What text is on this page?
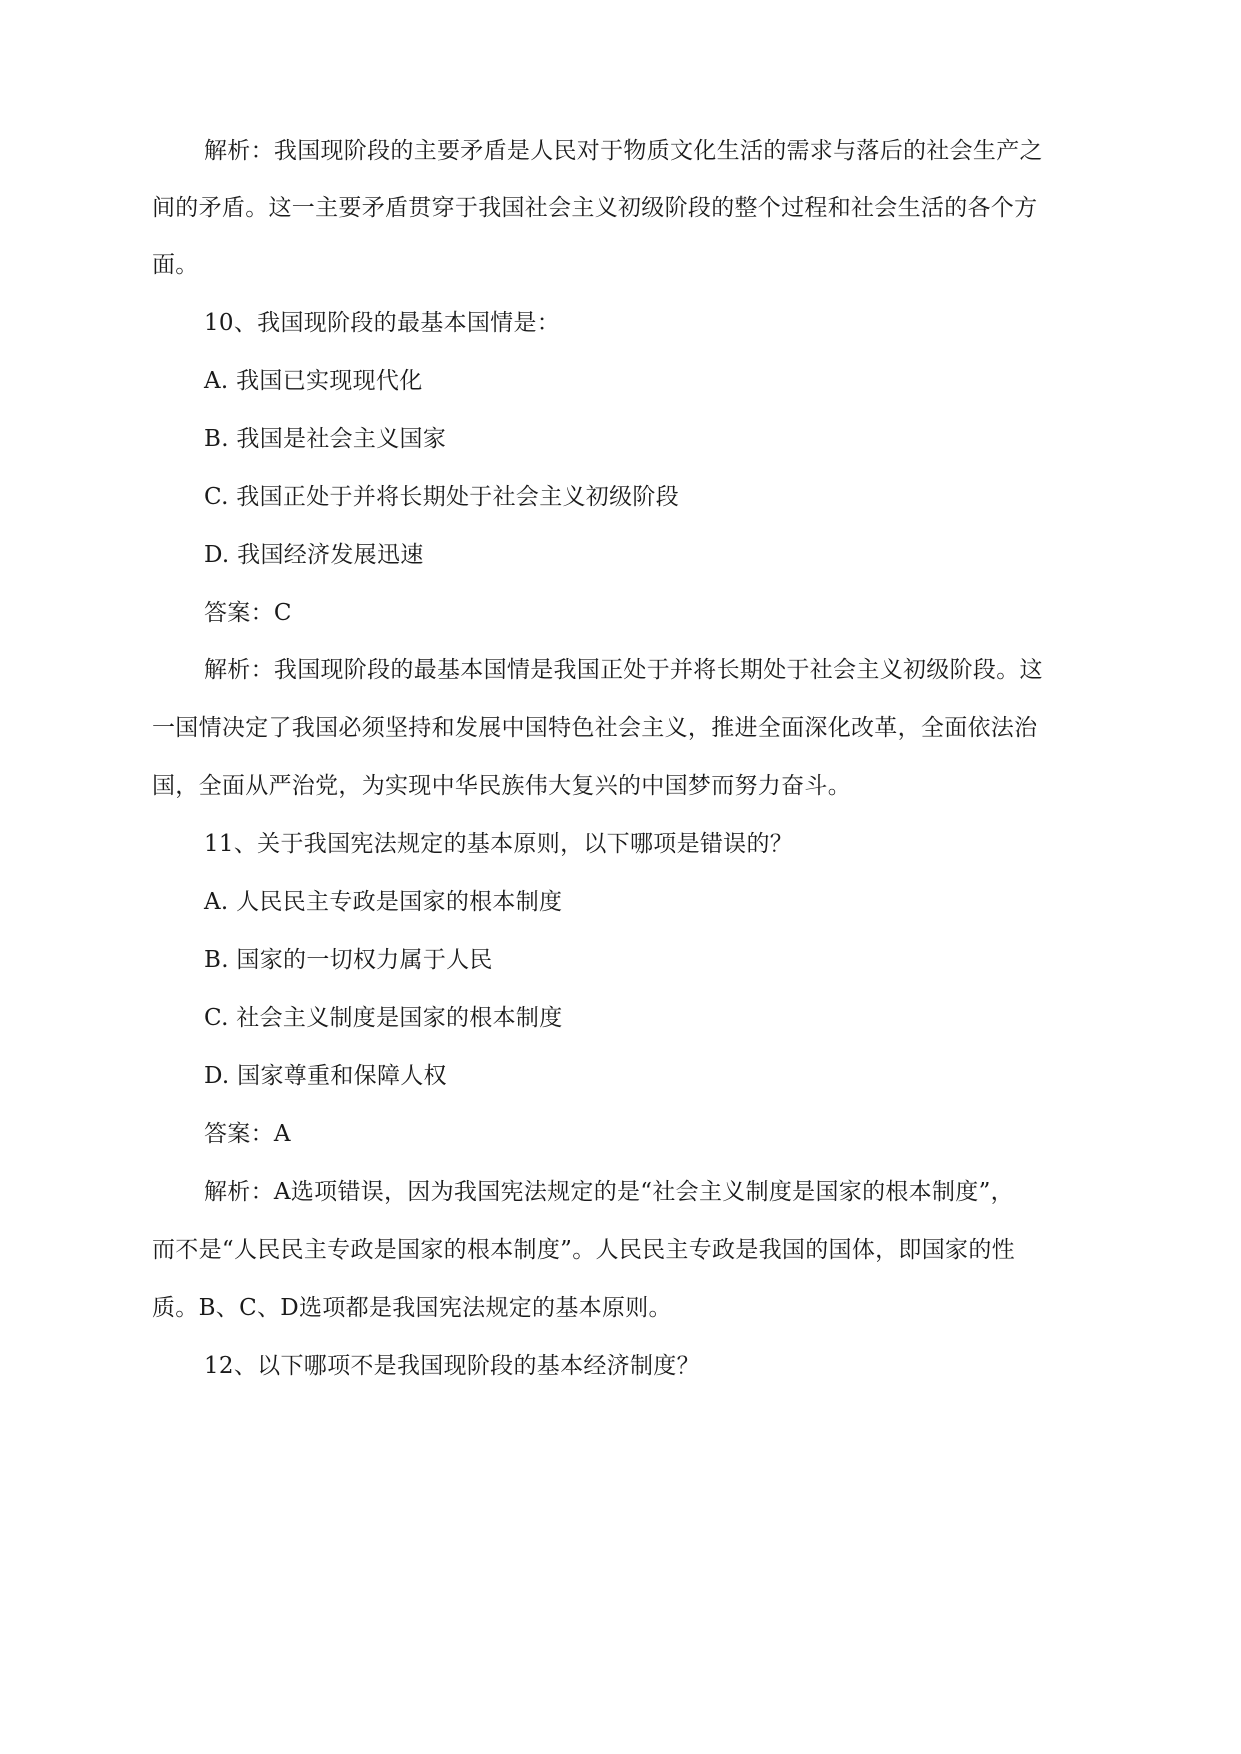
解析：我国现阶段的主要矛盾是人民对于物质文化生活的需求与落后的社会生产之
间的矛盾。这一主要矛盾贯穿于我国社会主义初级阶段的整个过程和社会生活的各个方
面。
10、我国现阶段的最基本国情是：
A. 我国已实现现代化
B. 我国是社会主义国家
C. 我国正处于并将长期处于社会主义初级阶段
D. 我国经济发展迅速
答案：C
解析：我国现阶段的最基本国情是我国正处于并将长期处于社会主义初级阶段。这
一国情决定了我国必须坚持和发展中国特色社会主义，推进全面深化改革，全面依法治
国，全面从严治党，为实现中华民族伟大复兴的中国梦而努力奋斗。
11、关于我国宪法规定的基本原则，以下哪项是错误的？
A. 人民民主专政是国家的根本制度
B. 国家的一切权力属于人民
C. 社会主义制度是国家的根本制度
D. 国家尊重和保障人权
答案：A
解析：A选项错误，因为我国宪法规定的是“社会主义制度是国家的根本制度”，
而不是“人民民主专政是国家的根本制度”。人民民主专政是我国的国体，即国家的性
质。B、C、D选项都是我国宪法规定的基本原则。
12、以下哪项不是我国现阶段的基本经济制度？
